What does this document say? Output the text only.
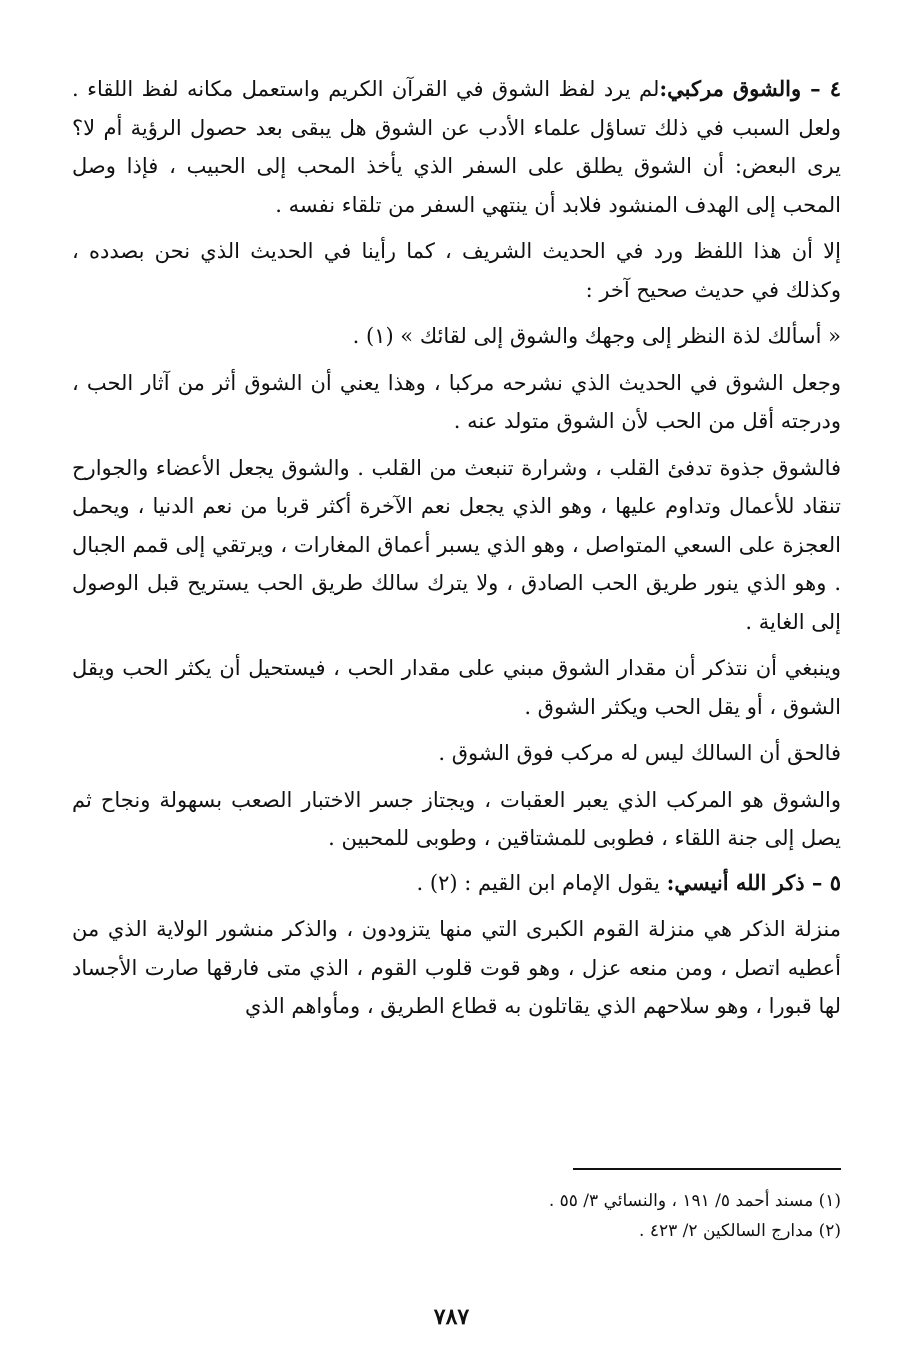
٤ – والشوق مركبي:لم يرد لفظ الشوق في القرآن الكريم واستعمل مكانه لفظ اللقاء . ولعل السبب في ذلك تساؤل علماء الأدب عن الشوق هل يبقى بعد حصول الرؤية أم لا؟ يرى البعض: أن الشوق يطلق على السفر الذي يأخذ المحب إلى الحبيب ، فإذا وصل المحب إلى الهدف المنشود فلابد أن ينتهي السفر من تلقاء نفسه .

إلا أن هذا اللفظ ورد في الحديث الشريف ، كما رأينا في الحديث الذي نحن بصدده ، وكذلك في حديث صحيح آخر :

« أسألك لذة النظر إلى وجهك والشوق إلى لقائك » (١) .

وجعل الشوق في الحديث الذي نشرحه مركبا ، وهذا يعني أن الشوق أثر من آثار الحب ، ودرجته أقل من الحب لأن الشوق متولد عنه .

فالشوق جذوة تدفئ القلب ، وشرارة تنبعث من القلب . والشوق يجعل الأعضاء والجوارح تنقاد للأعمال وتداوم عليها ، وهو الذي يجعل نعم الآخرة أكثر قربا من نعم الدنيا ، ويحمل العجزة على السعي المتواصل ، وهو الذي يسبر أعماق المغارات ، ويرتقي إلى قمم الجبال . وهو الذي ينور طريق الحب الصادق ، ولا يترك سالك طريق الحب يستريح قبل الوصول إلى الغاية .

وينبغي أن نتذكر أن مقدار الشوق مبني على مقدار الحب ، فيستحيل أن يكثر الحب ويقل الشوق ، أو يقل الحب ويكثر الشوق .

فالحق أن السالك ليس له مركب فوق الشوق .

والشوق هو المركب الذي يعبر العقبات ، ويجتاز جسر الاختبار الصعب بسهولة ونجاح ثم يصل إلى جنة اللقاء ، فطوبى للمشتاقين ، وطوبى للمحبين .

٥ – ذكر الله أنيسي: يقول الإمام ابن القيم : (٢) .

منزلة الذكر هي منزلة القوم الكبرى التي منها يتزودون ، والذكر منشور الولاية الذي من أعطيه اتصل ، ومن منعه عزل ، وهو قوت قلوب القوم ، الذي متى فارقها صارت الأجساد لها قبورا ، وهو سلاحهم الذي يقاتلون به قطاع الطريق ، ومأواهم الذي

(١) مسند أحمد ٥/ ١٩١ ، والنسائي ٣/ ٥٥ .

(٢) مدارج السالكين ٢/ ٤٢٣ .

٧٨٧
